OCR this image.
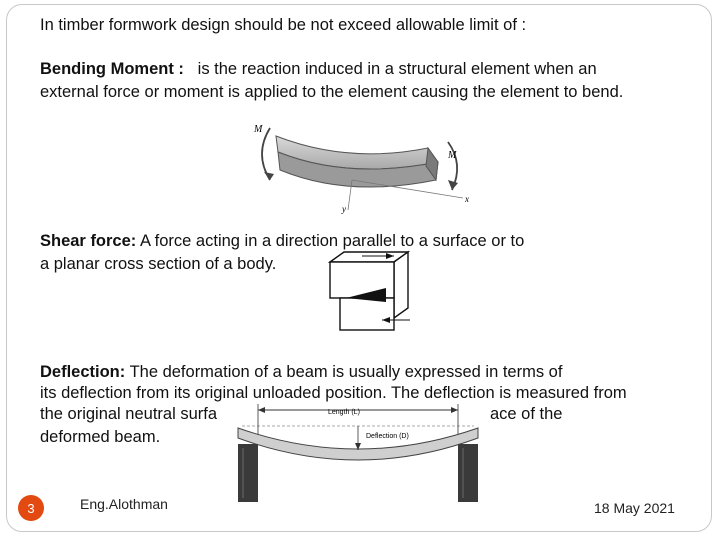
In timber formwork design should be not exceed allowable limit of :
Bending Moment : is the reaction induced in a structural element when an
external force or moment is applied to the element causing the element to bend.
M
M
x
y
Shear force: A force acting in a direction parallel to a surface or to
a planar cross section of a body.
Deflection: The deformation of a beam is usually expressed in terms of
its deflection from its original unloaded position. The deflection is measured from
the original neutral surfa	ace of the
deformed beam.
Length (L)
Deflection (D)
3	Eng.Alothman	18 May 2021
